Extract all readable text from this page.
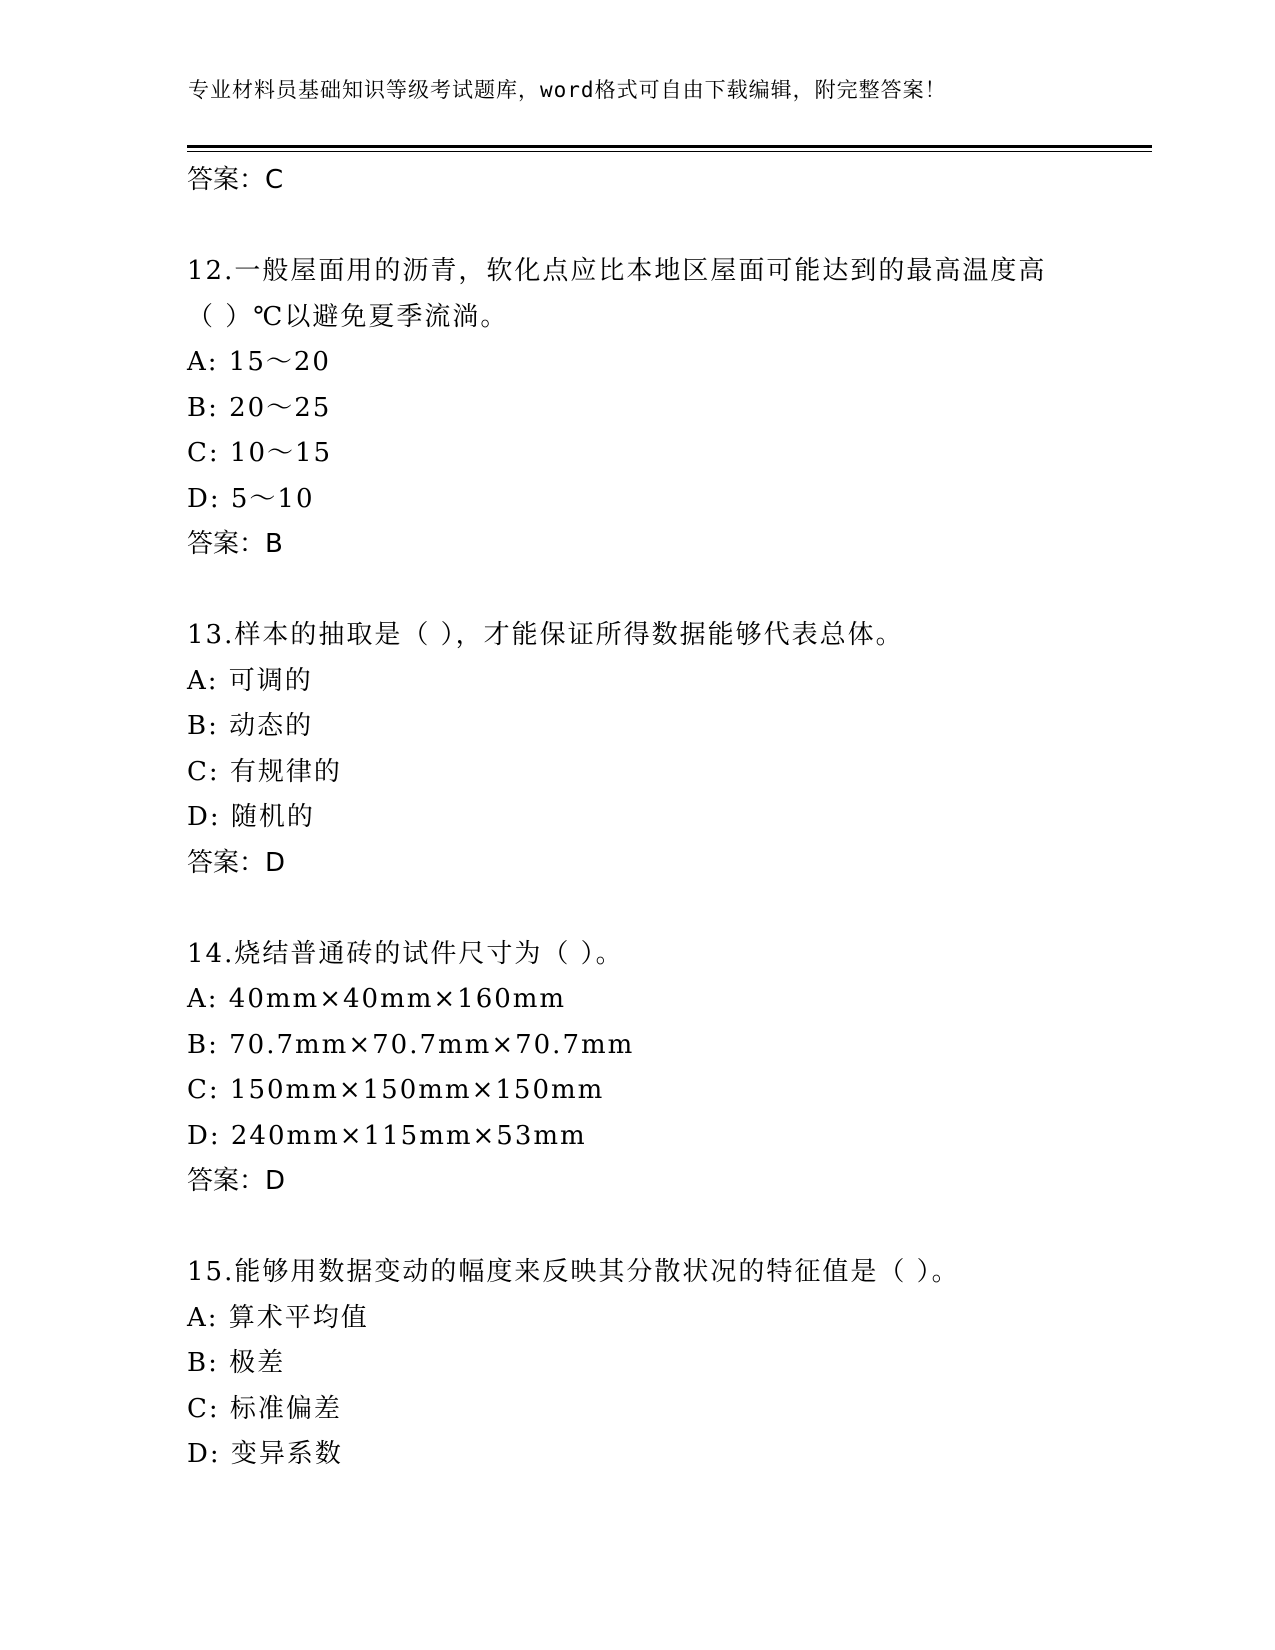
专业材料员基础知识等级考试题库，word格式可自由下载编辑，附完整答案！
答案：C
12.一般屋面用的沥青，软化点应比本地区屋面可能达到的最高温度高
（ ）℃以避免夏季流淌。
A: 15～20
B: 20～25
C: 10～15
D: 5～10
答案：B
13.样本的抽取是（ ），才能保证所得数据能够代表总体。
A: 可调的
B: 动态的
C: 有规律的
D: 随机的
答案：D
14.烧结普通砖的试件尺寸为（ ）。
A: 40mm×40mm×160mm
B: 70.7mm×70.7mm×70.7mm
C: 150mm×150mm×150mm
D: 240mm×115mm×53mm
答案：D
15.能够用数据变动的幅度来反映其分散状况的特征值是（ ）。
A: 算术平均值
B: 极差
C: 标准偏差
D: 变异系数
